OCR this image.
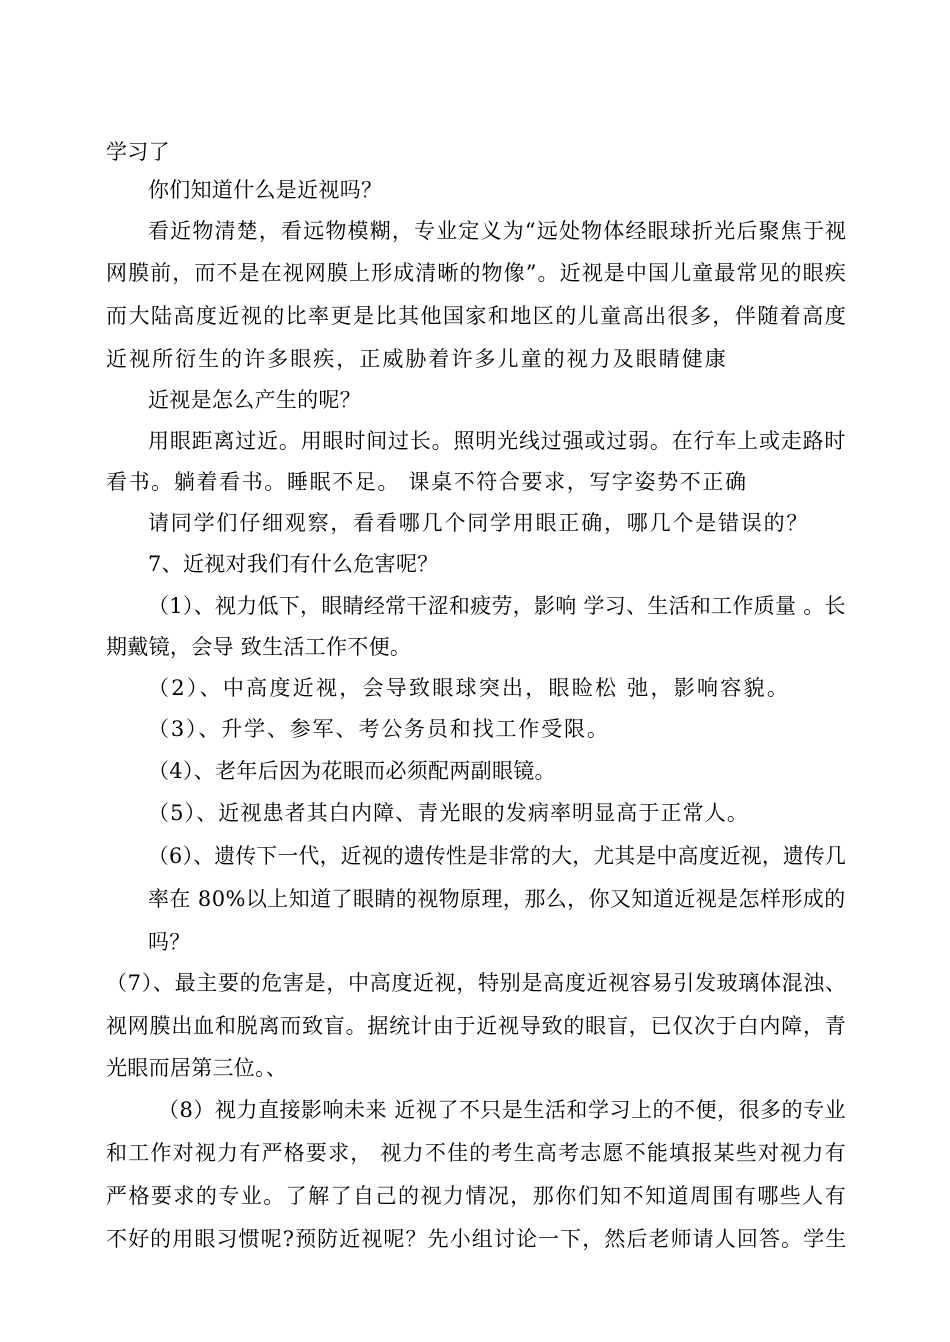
学习了
你们知道什么是近视吗？
看近物清楚，看远物模糊，专业定义为“远处物体经眼球折光后聚焦于视
网膜前，而不是在视网膜上形成清晰的物像”。近视是中国儿童最常见的眼疾
而大陆高度近视的比率更是比其他国家和地区的儿童高出很多，伴随着高度
近视所衍生的许多眼疾，正威胁着许多儿童的视力及眼睛健康
近视是怎么产生的呢？
用眼距离过近。用眼时间过长。照明光线过强或过弱。在行车上或走路时
看书。躺着看书。睡眠不足。 课桌不符合要求，写字姿势不正确
请同学们仔细观察，看看哪几个同学用眼正确，哪几个是错误的？
7、近视对我们有什么危害呢？
（1）、视力低下，眼睛经常干涩和疲劳，影响 学习、生活和工作质量 。长
期戴镜，会导 致生活工作不便。
（2）、中高度近视，会导致眼球突出，眼睑松 弛，影响容貌。
（3）、升学、参军、考公务员和找工作受限。
（4）、老年后因为花眼而必须配两副眼镜。
（5）、近视患者其白内障、青光眼的发病率明显高于正常人。
（6）、遗传下一代，近视的遗传性是非常的大，尤其是中高度近视，遗传几
率在 80%以上知道了眼睛的视物原理，那么，你又知道近视是怎样形成的
吗？
（7）、最主要的危害是，中高度近视，特别是高度近视容易引发玻璃体混浊、
视网膜出血和脱离而致盲。据统计由于近视导致的眼盲，已仅次于白内障，青
光眼而居第三位。、
（8）视力直接影响未来 近视了不只是生活和学习上的不便，很多的专业
和工作对视力有严格要求， 视力不佳的考生高考志愿不能填报某些对视力有
严格要求的专业。了解了自己的视力情况，那你们知不知道周围有哪些人有
不好的用眼习惯呢?预防近视呢？先小组讨论一下，然后老师请人回答。学生
